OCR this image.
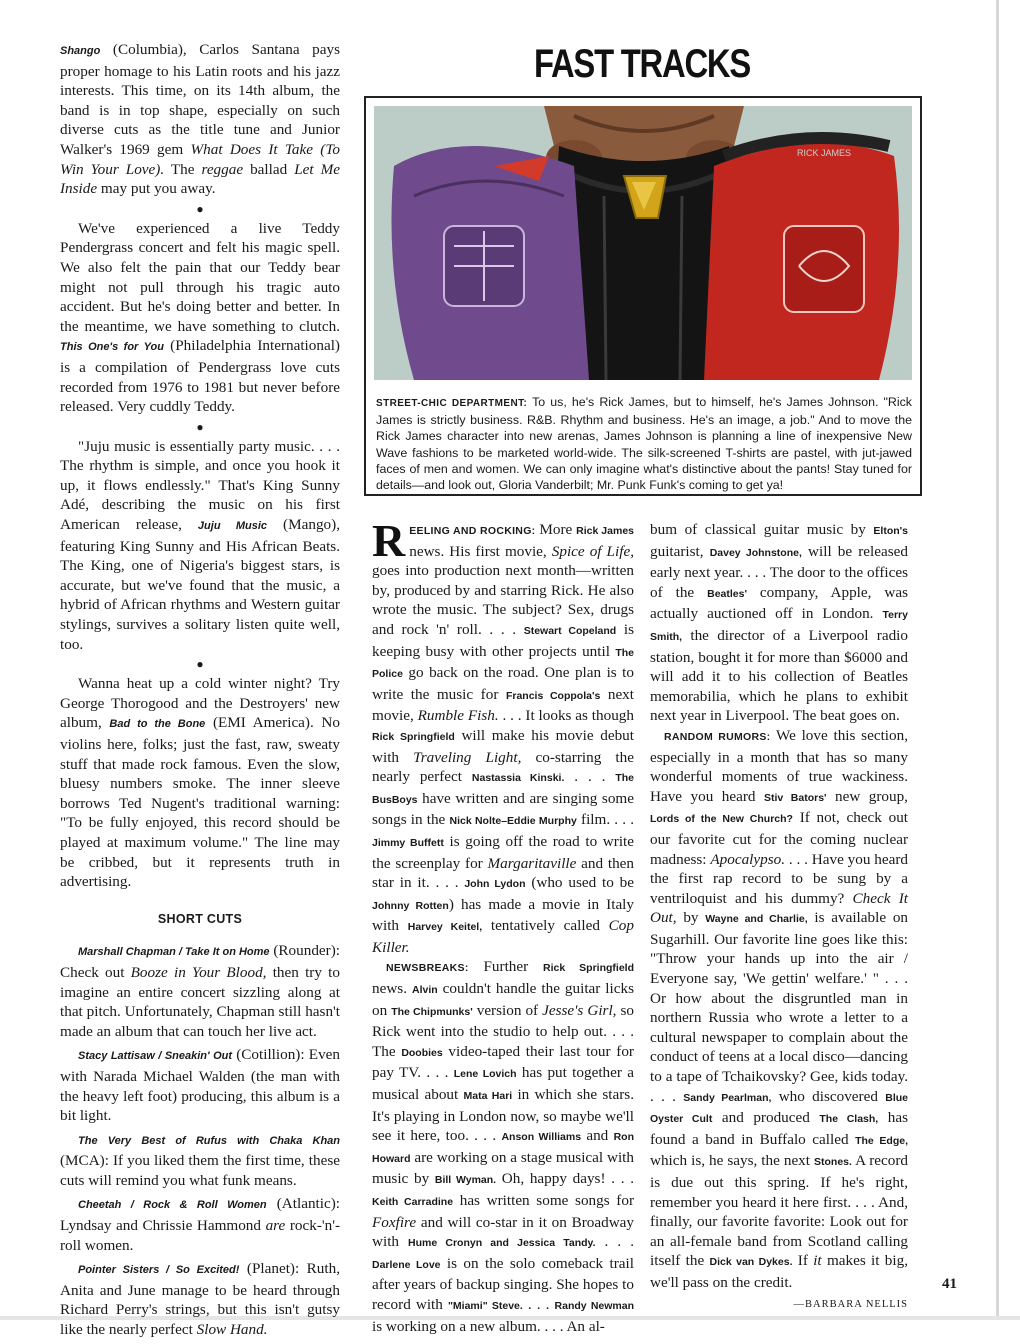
Shango (Columbia), Carlos Santana pays proper homage to his Latin roots and his jazz interests. This time, on its 14th album, the band is in top shape, especially on such diverse cuts as the title tune and Junior Walker's 1969 gem What Does It Take (To Win Your Love). The reggae ballad Let Me Inside may put you away.

●

We've experienced a live Teddy Pendergrass concert and felt his magic spell. We also felt the pain that our Teddy bear might not pull through his tragic auto accident. But he's doing better and better. In the meantime, we have something to clutch. This One's for You (Philadelphia International) is a compilation of Pendergrass love cuts recorded from 1976 to 1981 but never before released. Very cuddly Teddy.

●

"Juju music is essentially party music. . . . The rhythm is simple, and once you hook it up, it flows endlessly." That's King Sunny Adé, describing the music on his first American release, Juju Music (Mango), featuring King Sunny and His African Beats. The King, one of Nigeria's biggest stars, is accurate, but we've found that the music, a hybrid of African rhythms and Western guitar stylings, survives a solitary listen quite well, too.

●

Wanna heat up a cold winter night? Try George Thorogood and the Destroyers' new album, Bad to the Bone (EMI America). No violins here, folks; just the fast, raw, sweaty stuff that made rock famous. Even the slow, bluesy numbers smoke. The inner sleeve borrows Ted Nugent's traditional warning: "To be fully enjoyed, this record should be played at maximum volume." The line may be cribbed, but it represents truth in advertising.

SHORT CUTS

Marshall Chapman / Take It on Home (Rounder): Check out Booze in Your Blood, then try to imagine an entire concert sizzling along at that pitch. Unfortunately, Chapman still hasn't made an album that can touch her live act.

Stacy Lattisaw / Sneakin' Out (Cotillion): Even with Narada Michael Walden (the man with the heavy left foot) producing, this album is a bit light.

The Very Best of Rufus with Chaka Khan (MCA): If you liked them the first time, these cuts will remind you what funk means.

Cheetah / Rock & Roll Women (Atlantic): Lyndsay and Chrissie Hammond are rock-'n'-roll women.

Pointer Sisters / So Excited! (Planet): Ruth, Anita and June manage to be heard through Richard Perry's strings, but this isn't gutsy like the nearly perfect Slow Hand.

FAST TRACKS
RICK JAMES
STREET-CHIC DEPARTMENT: To us, he's Rick James, but to himself, he's James Johnson. "Rick James is strictly business. R&B. Rhythm and business. He's an image, a job." And to move the Rick James character into new arenas, James Johnson is planning a line of inexpensive New Wave fashions to be marketed world-wide. The silk-screened T-shirts are pastel, with jut-jawed faces of men and women. We can only imagine what's distinctive about the pants! Stay tuned for details—and look out, Gloria Vanderbilt; Mr. Punk Funk's coming to get ya!

REELING AND ROCKING: More Rick James news. His first movie, Spice of Life, goes into production next month—written by, produced by and starring Rick. He also wrote the music. The subject? Sex, drugs and rock 'n' roll. . . . Stewart Copeland is keeping busy with other projects until The Police go back on the road. One plan is to write the music for Francis Coppola's next movie, Rumble Fish. . . . It looks as though Rick Springfield will make his movie debut with Traveling Light, co-starring the nearly perfect Nastassia Kinski. . . . The BusBoys have written and are singing some songs in the Nick Nolte–Eddie Murphy film. . . . Jimmy Buffett is going off the road to write the screenplay for Margaritaville and then star in it. . . . John Lydon (who used to be Johnny Rotten) has made a movie in Italy with Harvey Keitel, tentatively called Cop Killer.

NEWSBREAKS: Further Rick Springfield news. Alvin couldn't handle the guitar licks on The Chipmunks' version of Jesse's Girl, so Rick went into the studio to help out. . . . The Doobies video-taped their last tour for pay TV. . . . Lene Lovich has put together a musical about Mata Hari in which she stars. It's playing in London now, so maybe we'll see it here, too. . . . Anson Williams and Ron Howard are working on a stage musical with music by Bill Wyman. Oh, happy days! . . . Keith Carradine has written some songs for Foxfire and will co-star in it on Broadway with Hume Cronyn and Jessica Tandy. . . . Darlene Love is on the solo comeback trail after years of backup singing. She hopes to record with "Miami" Steve. . . . Randy Newman is working on a new album. . . . An al-

bum of classical guitar music by Elton's guitarist, Davey Johnstone, will be released early next year. . . . The door to the offices of the Beatles' company, Apple, was actually auctioned off in London. Terry Smith, the director of a Liverpool radio station, bought it for more than $6000 and will add it to his collection of Beatles memorabilia, which he plans to exhibit next year in Liverpool. The beat goes on.

RANDOM RUMORS: We love this section, especially in a month that has so many wonderful moments of true wackiness. Have you heard Stiv Bators' new group, Lords of the New Church? If not, check out our favorite cut for the coming nuclear madness: Apocalypso. . . . Have you heard the first rap record to be sung by a ventriloquist and his dummy? Check It Out, by Wayne and Charlie, is available on Sugarhill. Our favorite line goes like this: "Throw your hands up into the air / Everyone say, 'We gettin' welfare.' " . . . Or how about the disgruntled man in northern Russia who wrote a letter to a cultural newspaper to complain about the conduct of teens at a local disco—dancing to a tape of Tchaikovsky? Gee, kids today. . . . Sandy Pearlman, who discovered Blue Oyster Cult and produced The Clash, has found a band in Buffalo called The Edge, which is, he says, the next Stones. A record is due out this spring. If he's right, remember you heard it here first. . . . And, finally, our favorite favorite: Look out for an all-female band from Scotland calling itself the Dick van Dykes. If it makes it big, we'll pass on the credit.

—BARBARA NELLIS
41
